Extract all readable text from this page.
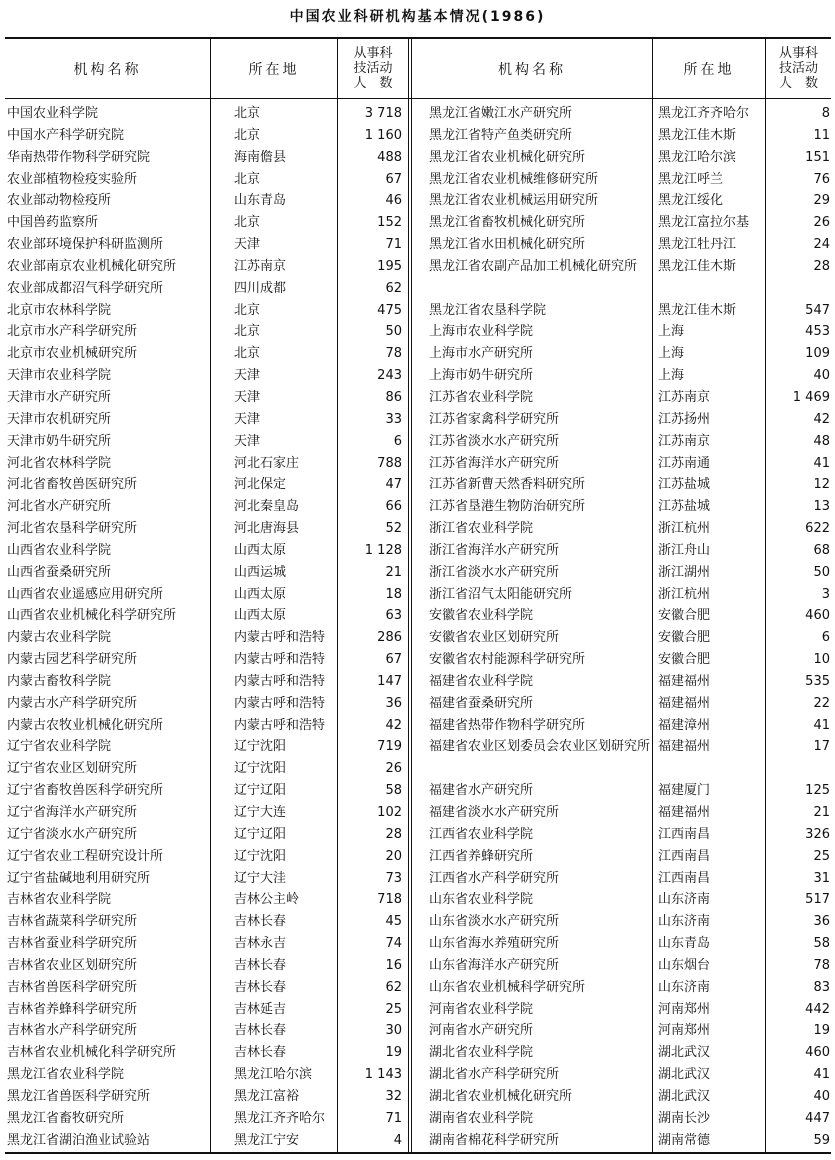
中国农业科研机构基本情况(1986)
机构名称	所在地
从事科
技活动
人　数
机构名称	所在地
从事科
技活动
人　数
中国农业科学院	北京	3 718
中国水产科学研究院	北京	1 160
华南热带作物科学研究院	海南儋县	488
农业部植物检疫实验所	北京	67
农业部动物检疫所	山东青岛	46
中国兽药监察所	北京	152
农业部环境保护科研监测所	天津	71
农业部南京农业机械化研究所	江苏南京	195
农业部成都沼气科学研究所	四川成都	62
北京市农林科学院	北京	475
北京市水产科学研究所	北京	50
北京市农业机械研究所	北京	78
天津市农业科学院	天津	243
天津市水产研究所	天津	86
天津市农机研究所	天津	33
天津市奶牛研究所	天津	6
河北省农林科学院	河北石家庄	788
河北省畜牧兽医研究所	河北保定	47
河北省水产研究所	河北秦皇岛	66
河北省农垦科学研究所	河北唐海县	52
山西省农业科学院	山西太原	1 128
山西省蚕桑研究所	山西运城	21
山西省农业遥感应用研究所	山西太原	18
山西省农业机械化科学研究所	山西太原	63
内蒙古农业科学院	内蒙古呼和浩特	286
内蒙古园艺科学研究所	内蒙古呼和浩特	67
内蒙古畜牧科学院	内蒙古呼和浩特	147
内蒙古水产科学研究所	内蒙古呼和浩特	36
内蒙古农牧业机械化研究所	内蒙古呼和浩特	42
辽宁省农业科学院	辽宁沈阳	719
辽宁省农业区划研究所	辽宁沈阳	26
辽宁省畜牧兽医科学研究所	辽宁辽阳	58
辽宁省海洋水产研究所	辽宁大连	102
辽宁省淡水水产研究所	辽宁辽阳	28
辽宁省农业工程研究设计所	辽宁沈阳	20
辽宁省盐碱地利用研究所	辽宁大洼	73
吉林省农业科学院	吉林公主岭	718
吉林省蔬菜科学研究所	吉林长春	45
吉林省蚕业科学研究所	吉林永吉	74
吉林省农业区划研究所	吉林长春	16
吉林省兽医科学研究所	吉林长春	62
吉林省养蜂科学研究所	吉林延吉	25
吉林省水产科学研究所	吉林长春	30
吉林省农业机械化科学研究所	吉林长春	19
黑龙江省农业科学院	黑龙江哈尔滨	1 143
黑龙江省兽医科学研究所	黑龙江富裕	32
黑龙江省畜牧研究所	黑龙江齐齐哈尔	71
黑龙江省湖泊渔业试验站	黑龙江宁安	4
黑龙江省嫩江水产研究所	黑龙江齐齐哈尔	8
黑龙江省特产鱼类研究所	黑龙江佳木斯	11
黑龙江省农业机械化研究所	黑龙江哈尔滨	151
黑龙江省农业机械维修研究所	黑龙江呼兰	76
黑龙江省农业机械运用研究所	黑龙江绥化	29
黑龙江省畜牧机械化研究所	黑龙江富拉尔基	26
黑龙江省水田机械化研究所	黑龙江牡丹江	24
黑龙江省农副产品加工机械化研究所	黑龙江佳木斯	28
黑龙江省农垦科学院	黑龙江佳木斯	547
上海市农业科学院	上海	453
上海市水产研究所	上海	109
上海市奶牛研究所	上海	40
江苏省农业科学院	江苏南京	1 469
江苏省家禽科学研究所	江苏扬州	42
江苏省淡水水产研究所	江苏南京	48
江苏省海洋水产研究所	江苏南通	41
江苏省新曹天然香料研究所	江苏盐城	12
江苏省垦港生物防治研究所	江苏盐城	13
浙江省农业科学院	浙江杭州	622
浙江省海洋水产研究所	浙江舟山	68
浙江省淡水水产研究所	浙江湖州	50
浙江省沼气太阳能研究所	浙江杭州	3
安徽省农业科学院	安徽合肥	460
安徽省农业区划研究所	安徽合肥	6
安徽省农村能源科学研究所	安徽合肥	10
福建省农业科学院	福建福州	535
福建省蚕桑研究所	福建福州	22
福建省热带作物科学研究所	福建漳州	41
福建省农业区划委员会农业区划研究所 福建福州	17
福建省水产研究所	福建厦门	125
福建省淡水水产研究所	福建福州	21
江西省农业科学院	江西南昌	326
江西省养蜂研究所	江西南昌	25
江西省水产科学研究所	江西南昌	31
山东省农业科学院	山东济南	517
山东省淡水水产研究所	山东济南	36
山东省海水养殖研究所	山东青岛	58
山东省海洋水产研究所	山东烟台	78
山东省农业机械科学研究所	山东济南	83
河南省农业科学院	河南郑州	442
河南省水产研究所	河南郑州	19
湖北省农业科学院	湖北武汉	460
湖北省水产科学研究所	湖北武汉	41
湖北省农业机械化研究所	湖北武汉	40
湖南省农业科学院	湖南长沙	447
湖南省棉花科学研究所	湖南常德	59
